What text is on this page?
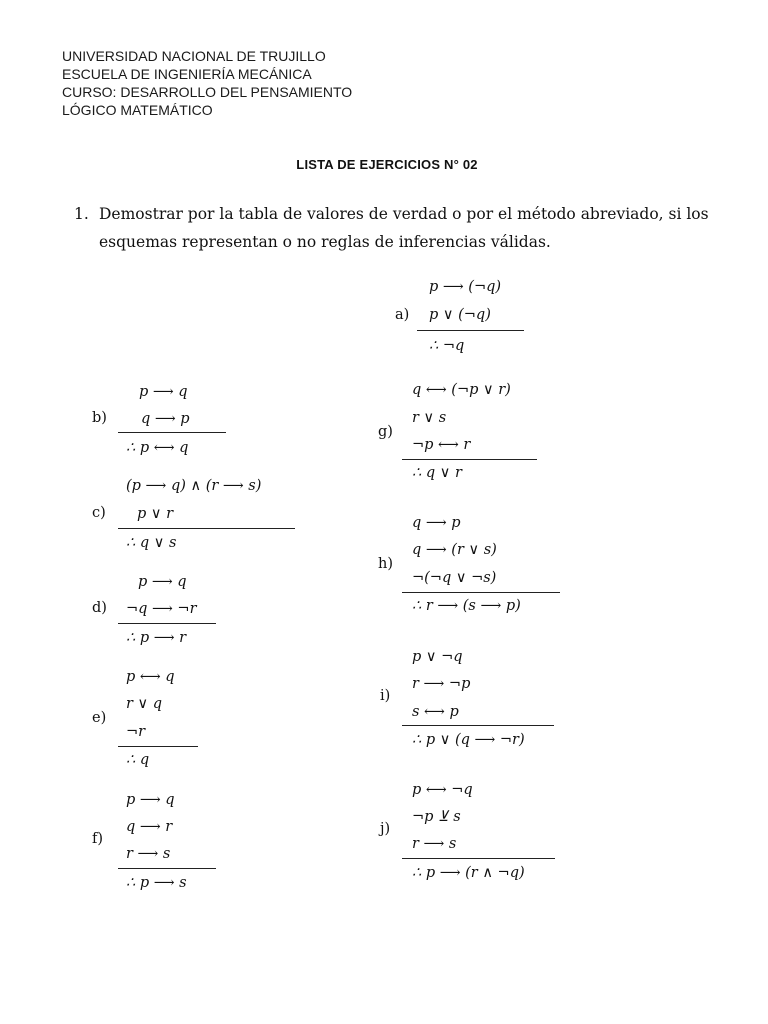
UNIVERSIDAD NACIONAL DE TRUJILLO
ESCUELA DE INGENIERÍA MECÁNICA
CURSO: DESARROLLO DEL PENSAMIENTO
LÓGICO MATEMÁTICO
LISTA DE EJERCICIOS N° 02
1. Demostrar por la tabla de valores de verdad o por el método abreviado, si los esquemas representan o no reglas de inferencias válidas.
a)
p ⟶ (¬q)
p ∨ (¬q)
∴ ¬q
b)
p ⟶ q
q ⟶ p
∴ p ⟷ q
c)
(p ⟶ q) ∧ (r ⟶ s)
p ∨ r
∴ q ∨ s
d)
p ⟶ q
¬q ⟶ ¬r
∴ p ⟶ r
e)
p ⟷ q
r ∨ q
¬r
∴ q
f)
p ⟶ q
q ⟶ r
r ⟶ s
∴ p ⟶ s
g)
q ⟷ (¬p ∨ r)
r ∨ s
¬p ⟷ r
∴ q ∨ r
h)
q ⟶ p
q ⟶ (r ∨ s)
¬(¬q ∨ ¬s)
∴ r ⟶ (s ⟶ p)
i)
p ∨ ¬q
r ⟶ ¬p
s ⟷ p
∴ p ∨ (q ⟶ ¬r)
j)
p ⟷ ¬q
¬p ⊻ s
r ⟶ s
∴ p ⟶ (r ∧ ¬q)
